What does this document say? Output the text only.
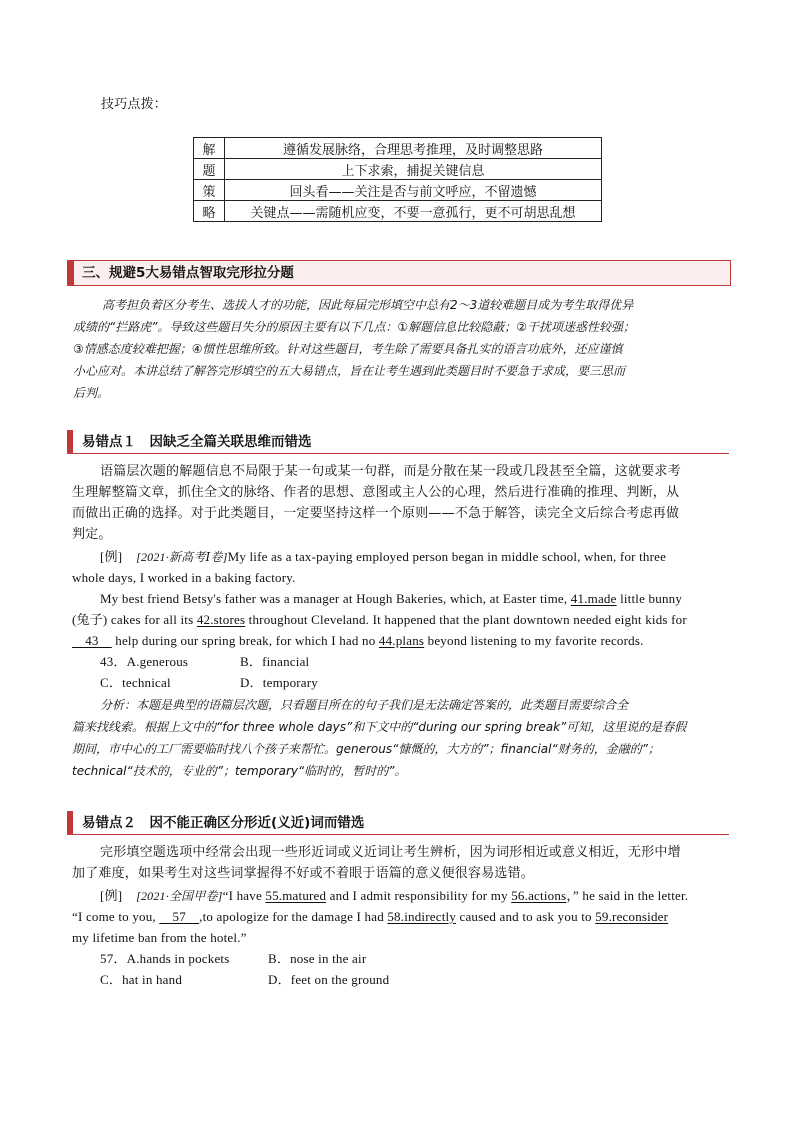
技巧点拨：
解	遵循发展脉络，合理思考推理，及时调整思路
题	上下求索，捕捉关键信息
策	回头看——关注是否与前文呼应，不留遗憾
略	关键点——需随机应变，不要一意孤行，更不可胡思乱想
三、规避5大易错点智取完形拉分题
高考担负着区分考生、选拔人才的功能，因此每届完形填空中总有2～3道较难题目成为考生取得优异
成绩的“拦路虎”。导致这些题目失分的原因主要有以下几点：①解题信息比较隐蔽；②干扰项迷惑性较强；
③情感态度较难把握；④惯性思维所致。针对这些题目，考生除了需要具备扎实的语言功底外，还应谨慎
小心应对。本讲总结了解答完形填空的五大易错点，旨在让考生遇到此类题目时不要急于求成，要三思而
后判。
易错点１　因缺乏全篇关联思维而错选
语篇层次题的解题信息不局限于某一句或某一句群，而是分散在某一段或几段甚至全篇，这就要求考
生理解整篇文章，抓住全文的脉络、作者的思想、意图或主人公的心理，然后进行准确的推理、判断，从
而做出正确的选择。对于此类题目，一定要坚持这样一个原则——不急于解答，读完全文后综合考虑再做
判定。
[例] [2021·新高考Ⅰ卷]My life as a tax-paying employed person began in middle school, when, for three
whole days, I worked in a baking factory.
My best friend Betsy's father was a manager at Hough Bakeries, which, at Easter time, 41.made little bunny
(兔子) cakes for all its 42.stores throughout Cleveland. It happened that the plant downtown needed eight kids for
　43　 help during our spring break, for which I had no 44.plans beyond listening to my favorite records.
43．A.generous	B．financial
C．technical	D．temporary
分析：本题是典型的语篇层次题，只看题目所在的句子我们是无法确定答案的，此类题目需要综合全
篇来找线索。根据上文中的“for three whole days”和下文中的“during our spring break”可知，这里说的是春假
期间，市中心的工厂需要临时找八个孩子来帮忙。generous“慷慨的，大方的”；financial“财务的，金融的”；
technical“技术的，专业的”；temporary“临时的，暂时的”。
易错点２　因不能正确区分形近(义近)词而错选
完形填空题选项中经常会出现一些形近词或义近词让考生辨析，因为词形相近或意义相近，无形中增
加了难度，如果考生对这些词掌握得不好或不着眼于语篇的意义便很容易选错。
[例] [2021·全国甲卷]“I have 55.matured and I admit responsibility for my 56.actions，” he said in the letter.
“I come to you, 　57　,to apologize for the damage I had 58.indirectly caused and to ask you to 59.reconsider
my lifetime ban from the hotel.”
57．A.hands in pockets	B．nose in the air
C．hat in hand	D．feet on the ground
